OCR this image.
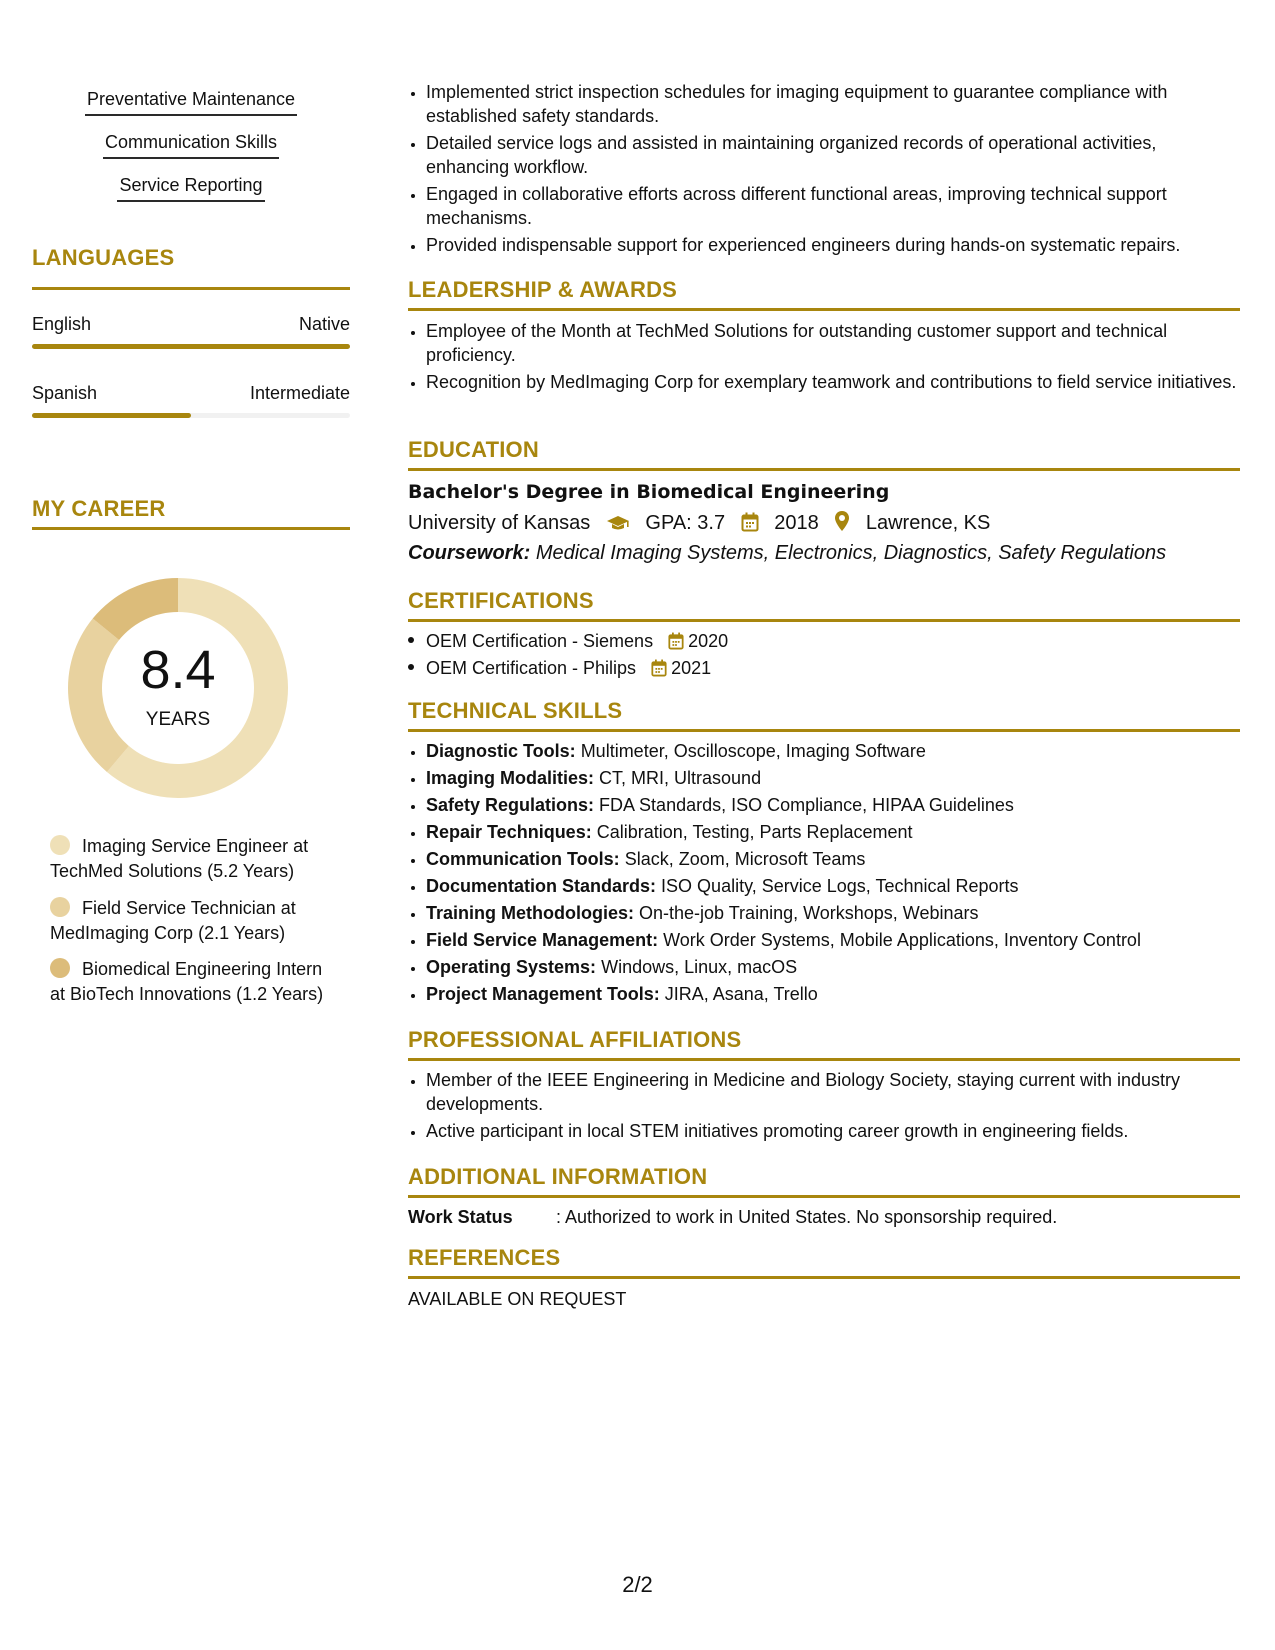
Preventative Maintenance
Communication Skills
Service Reporting
LANGUAGES
English	Native
Spanish	Intermediate
MY CAREER
8.4
YEARS
Imaging Service Engineer at TechMed Solutions (5.2 Years)
Field Service Technician at MedImaging Corp (2.1 Years)
Biomedical Engineering Intern at BioTech Innovations (1.2 Years)
• Implemented strict inspection schedules for imaging equipment to guarantee compliance with established safety standards.
• Detailed service logs and assisted in maintaining organized records of operational activities, enhancing workflow.
• Engaged in collaborative efforts across different functional areas, improving technical support mechanisms.
• Provided indispensable support for experienced engineers during hands-on systematic repairs.
LEADERSHIP & AWARDS
• Employee of the Month at TechMed Solutions for outstanding customer support and technical proficiency.
• Recognition by MedImaging Corp for exemplary teamwork and contributions to field service initiatives.
EDUCATION
Bachelor's Degree in Biomedical Engineering
University of Kansas	GPA: 3.7 2018 Lawrence, KS
Coursework: Medical Imaging Systems, Electronics, Diagnostics, Safety Regulations
CERTIFICATIONS
OEM Certification - Siemens 2020
OEM Certification - Philips 2021
TECHNICAL SKILLS
• Diagnostic Tools: Multimeter, Oscilloscope, Imaging Software
• Imaging Modalities: CT, MRI, Ultrasound
• Safety Regulations: FDA Standards, ISO Compliance, HIPAA Guidelines
• Repair Techniques: Calibration, Testing, Parts Replacement
• Communication Tools: Slack, Zoom, Microsoft Teams
• Documentation Standards: ISO Quality, Service Logs, Technical Reports
• Training Methodologies: On-the-job Training, Workshops, Webinars
• Field Service Management: Work Order Systems, Mobile Applications, Inventory Control
• Operating Systems: Windows, Linux, macOS
• Project Management Tools: JIRA, Asana, Trello
PROFESSIONAL AFFILIATIONS
• Member of the IEEE Engineering in Medicine and Biology Society, staying current with industry developments.
• Active participant in local STEM initiatives promoting career growth in engineering fields.
ADDITIONAL INFORMATION
Work Status : Authorized to work in United States. No sponsorship required.
REFERENCES
AVAILABLE ON REQUEST
2/2
